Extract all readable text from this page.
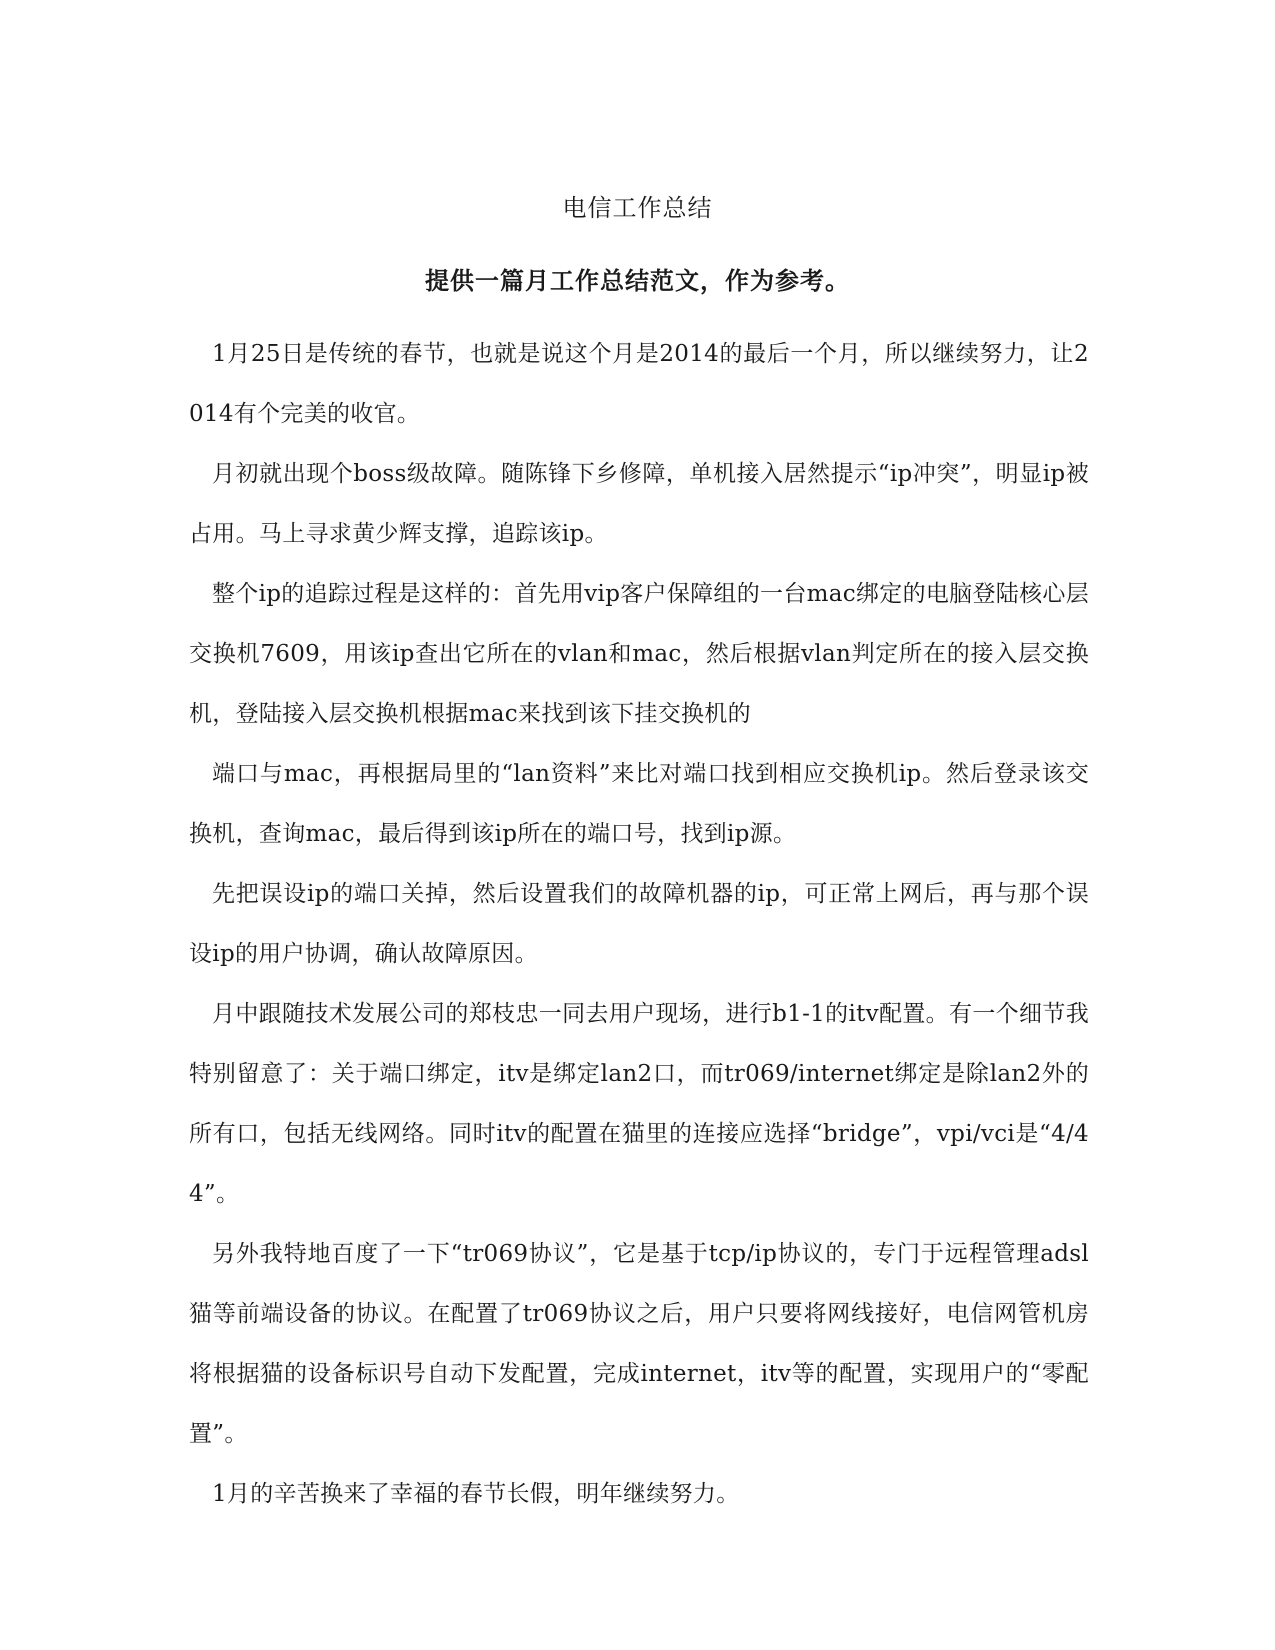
电信工作总结
提供一篇月工作总结范文，作为参考。

1月25日是传统的春节，也就是说这个月是2014的最后一个月，所以继续努力，让2014有个完美的收官。

月初就出现个boss级故障。随陈锋下乡修障，单机接入居然提示“ip冲突”，明显ip被占用。马上寻求黄少辉支撑，追踪该ip。

整个ip的追踪过程是这样的：首先用vip客户保障组的一台mac绑定的电脑登陆核心层交换机7609，用该ip查出它所在的vlan和mac，然后根据vlan判定所在的接入层交换机，登陆接入层交换机根据mac来找到该下挂交换机的

端口与mac，再根据局里的“lan资料”来比对端口找到相应交换机ip。然后登录该交换机，查询mac，最后得到该ip所在的端口号，找到ip源。

先把误设ip的端口关掉，然后设置我们的故障机器的ip，可正常上网后，再与那个误设ip的用户协调，确认故障原因。

月中跟随技术发展公司的郑枝忠一同去用户现场，进行b1-1的itv配置。有一个细节我特别留意了：关于端口绑定，itv是绑定lan2口，而tr069/internet绑定是除lan2外的所有口，包括无线网络。同时itv的配置在猫里的连接应选择“bridge”，vpi/vci是“4/44”。

另外我特地百度了一下“tr069协议”，它是基于tcp/ip协议的，专门于远程管理adsl猫等前端设备的协议。在配置了tr069协议之后，用户只要将网线接好，电信网管机房将根据猫的设备标识号自动下发配置，完成internet，itv等的配置，实现用户的“零配置”。

1月的辛苦换来了幸福的春节长假，明年继续努力。
